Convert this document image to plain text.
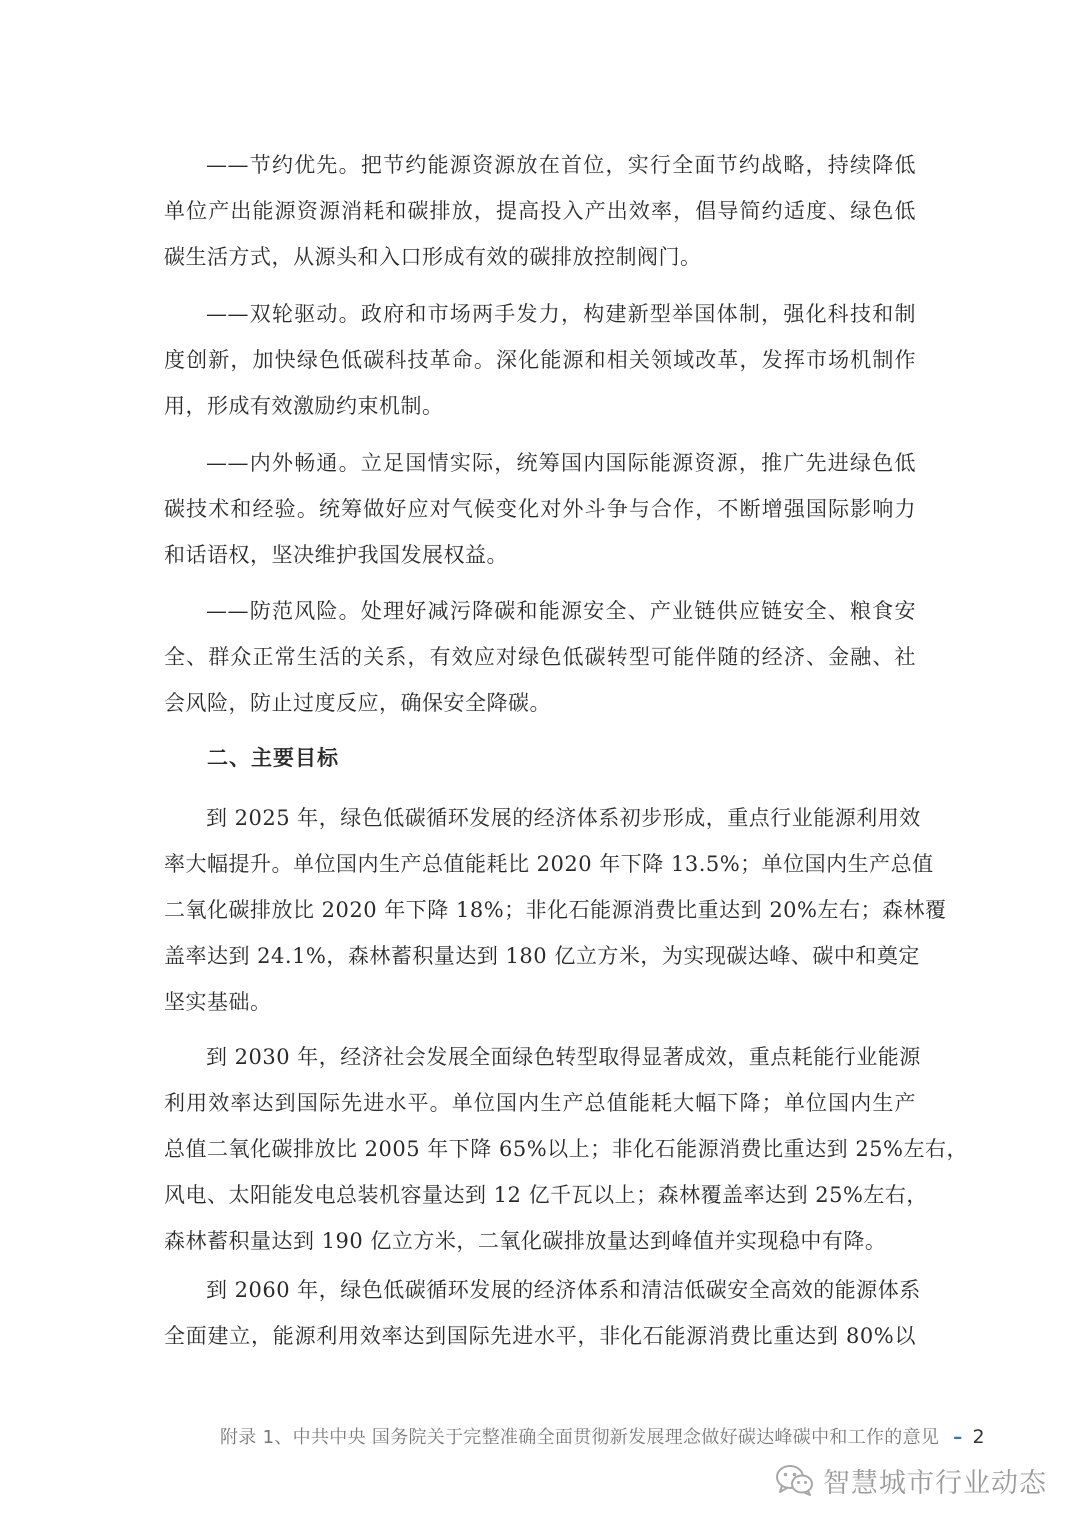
——节约优先。把节约能源资源放在首位，实行全面节约战略，持续降低
单位产出能源资源消耗和碳排放，提高投入产出效率，倡导简约适度、绿色低
碳生活方式，从源头和入口形成有效的碳排放控制阀门。

——双轮驱动。政府和市场两手发力，构建新型举国体制，强化科技和制
度创新，加快绿色低碳科技革命。深化能源和相关领域改革，发挥市场机制作
用，形成有效激励约束机制。

——内外畅通。立足国情实际，统筹国内国际能源资源，推广先进绿色低
碳技术和经验。统筹做好应对气候变化对外斗争与合作，不断增强国际影响力
和话语权，坚决维护我国发展权益。

——防范风险。处理好减污降碳和能源安全、产业链供应链安全、粮食安
全、群众正常生活的关系，有效应对绿色低碳转型可能伴随的经济、金融、社
会风险，防止过度反应，确保安全降碳。

二、主要目标

到 2025 年，绿色低碳循环发展的经济体系初步形成，重点行业能源利用效
率大幅提升。单位国内生产总值能耗比 2020 年下降 13.5%；单位国内生产总值
二氧化碳排放比 2020 年下降 18%；非化石能源消费比重达到 20%左右；森林覆
盖率达到 24.1%，森林蓄积量达到 180 亿立方米，为实现碳达峰、碳中和奠定
坚实基础。

到 2030 年，经济社会发展全面绿色转型取得显著成效，重点耗能行业能源
利用效率达到国际先进水平。单位国内生产总值能耗大幅下降；单位国内生产
总值二氧化碳排放比 2005 年下降 65%以上；非化石能源消费比重达到 25%左右，
风电、太阳能发电总装机容量达到 12 亿千瓦以上；森林覆盖率达到 25%左右，
森林蓄积量达到 190 亿立方米，二氧化碳排放量达到峰值并实现稳中有降。

到 2060 年，绿色低碳循环发展的经济体系和清洁低碳安全高效的能源体系
全面建立，能源利用效率达到国际先进水平，非化石能源消费比重达到 80%以

附录 1、中共中央 国务院关于完整准确全面贯彻新发展理念做好碳达峰碳中和工作的意见 – 2
智慧城市行业动态
